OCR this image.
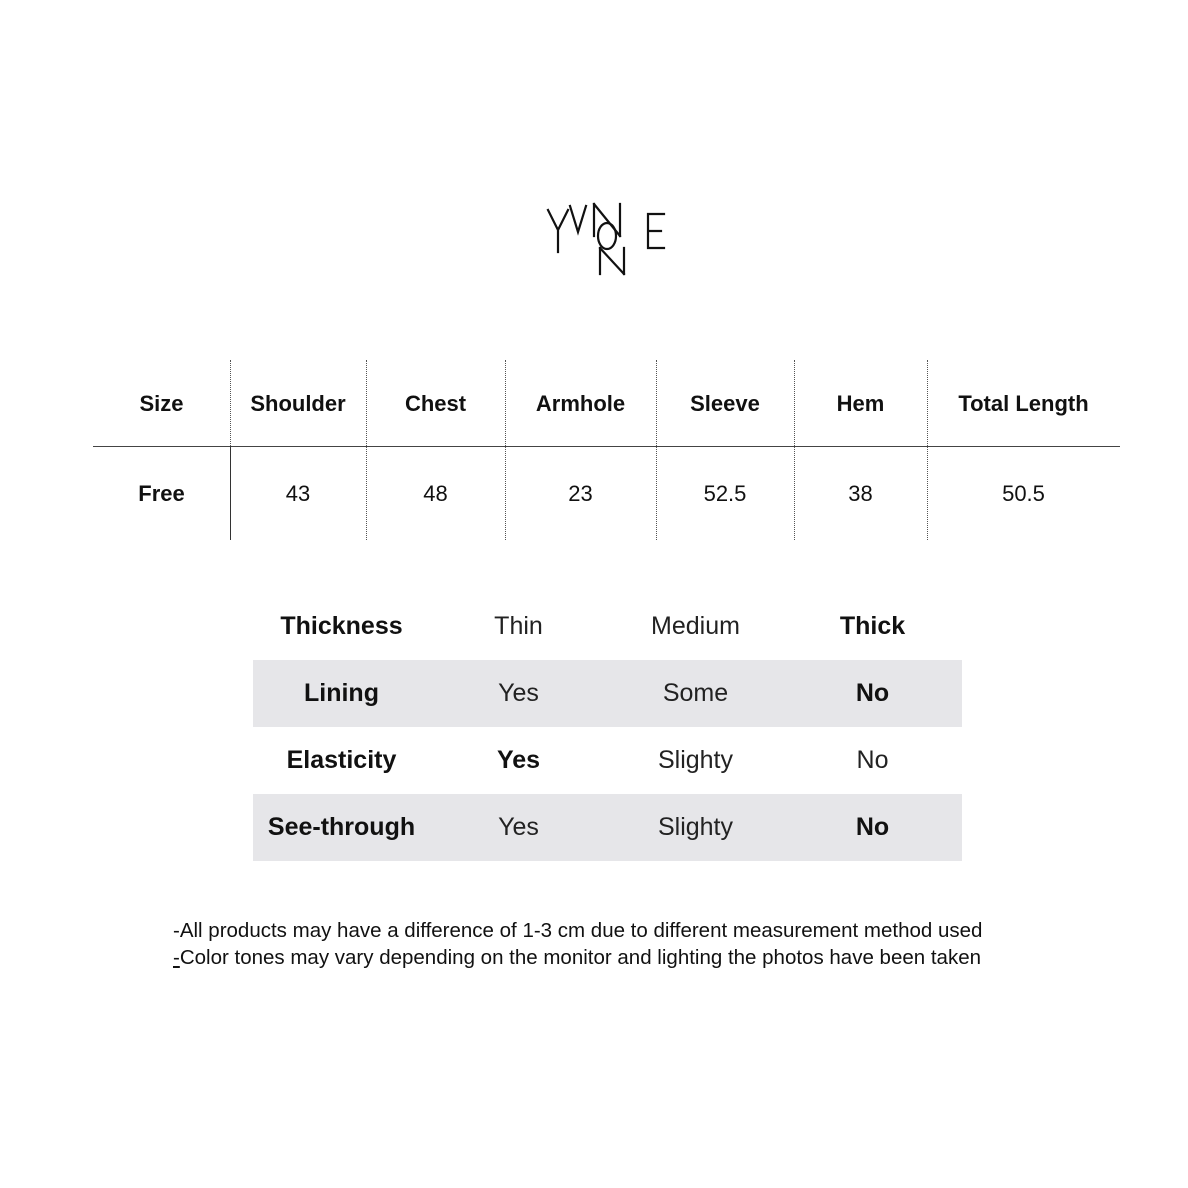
Size	Shoulder	Chest	Armhole	Sleeve	Hem	Total Length
Free	43	48	23	52.5	38	50.5
Thickness	Thin	Medium	Thick
Lining	Yes	Some	No
Elasticity	Yes	Slighty	No
See-through	Yes	Slighty	No
-All products may have a difference of 1-3 cm due to different measurement method used
-Color tones may vary depending on the monitor and lighting the photos have been taken
